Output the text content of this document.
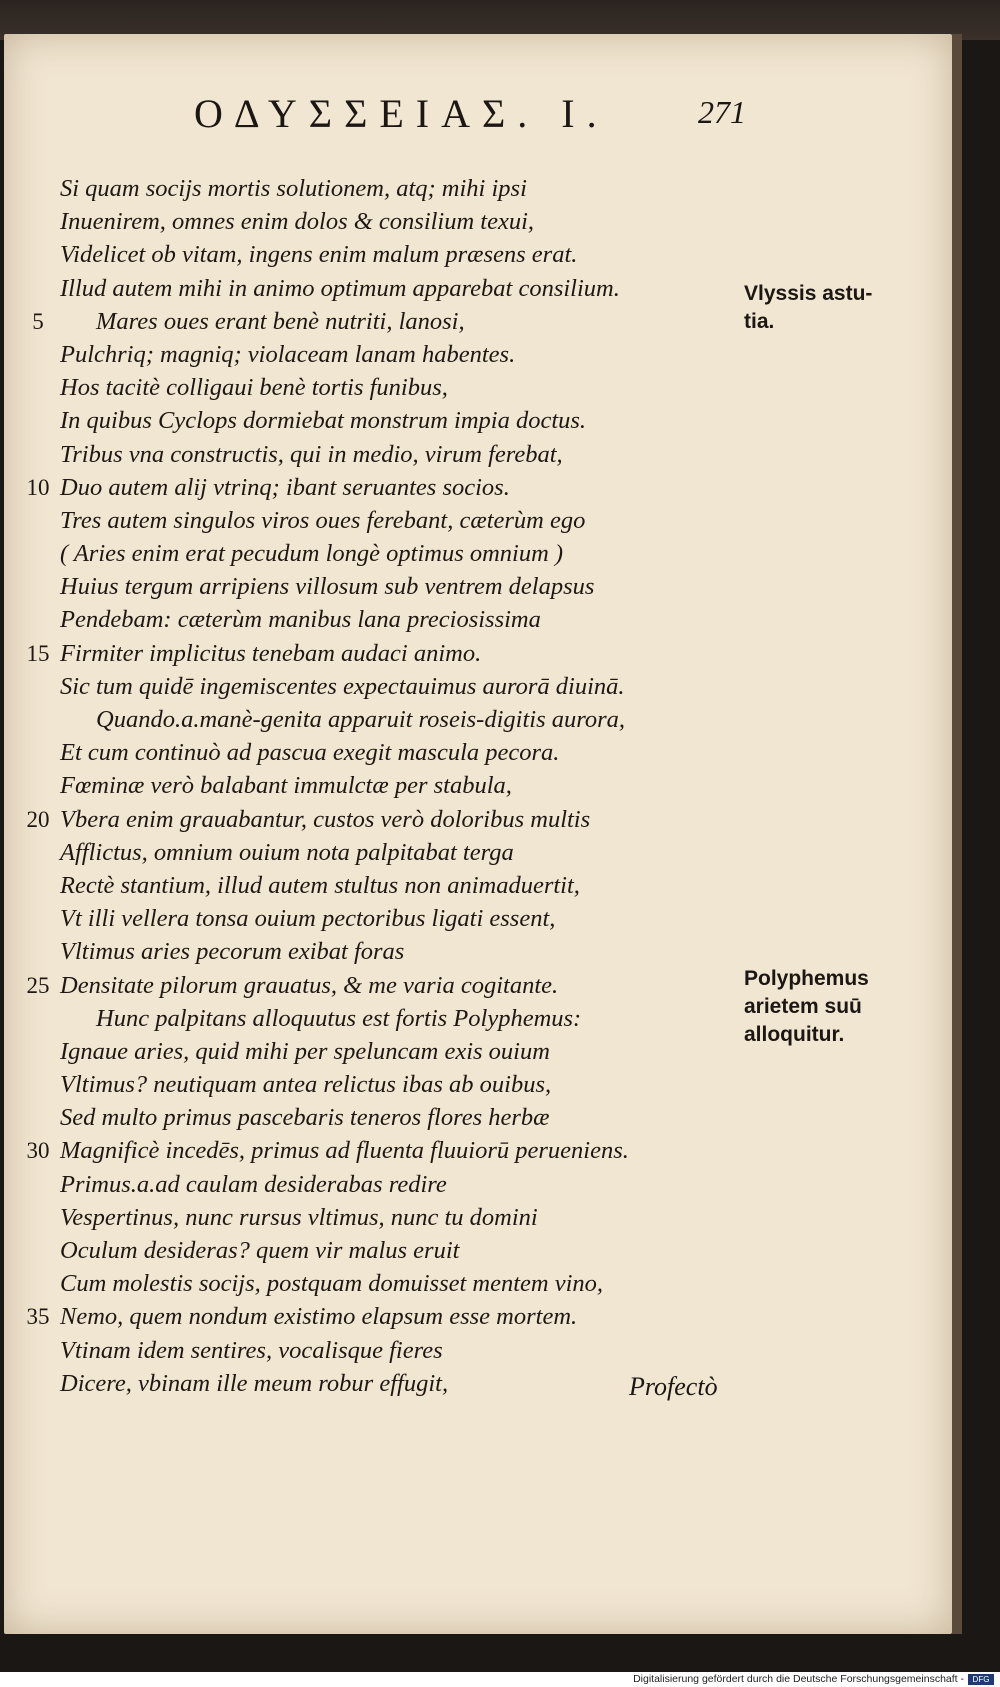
ΟΔΥΣΣΕΙΑΣ. Ι.	271
Si quam socijs mortis solutionem, atq; mihi ipsi
Inuenirem, omnes enim dolos & consilium texui,
Videlicet ob vitam, ingens enim malum præsens erat.
Illud autem mihi in animo optimum apparebat consilium.
5	Mares oues erant benè nutriti, lanosi,
Pulchriq; magniq; violaceam lanam habentes.
Hos tacitè colligaui benè tortis funibus,
In quibus Cyclops dormiebat monstrum impia doctus.
Tribus vna constructis, qui in medio, virum ferebat,
10 Duo autem alij vtrinq; ibant seruantes socios.
Tres autem singulos viros oues ferebant, cæterùm ego
( Aries enim erat pecudum longè optimus omnium )
Huius tergum arripiens villosum sub ventrem delapsus
Pendebam: cæterùm manibus lana preciosissima
15 Firmiter implicitus tenebam audaci animo.
Sic tum quidē ingemiscentes expectauimus aurorā diuinā.
Quando.a.manè-genita apparuit roseis-digitis aurora,
Et cum continuò ad pascua exegit mascula pecora.
Fœminæ verò balabant immulctæ per stabula,
20 Vbera enim grauabantur, custos verò doloribus multis
Afflictus, omnium ouium nota palpitabat terga
Rectè stantium, illud autem stultus non animaduertit,
Vt illi vellera tonsa ouium pectoribus ligati essent,
Vltimus aries pecorum exibat foras
25 Densitate pilorum grauatus, & me varia cogitante.
Hunc palpitans alloquutus est fortis Polyphemus:
Ignaue aries, quid mihi per speluncam exis ouium
Vltimus? neutiquam antea relictus ibas ab ouibus,
Sed multo primus pascebaris teneros flores herbæ
30 Magnificè incedēs, primus ad fluenta fluuiorū perueniens.
Primus.a.ad caulam desiderabas redire
Vespertinus, nunc rursus vltimus, nunc tu domini
Oculum desideras? quem vir malus eruit
Cum molestis socijs, postquam domuisset mentem vino,
35 Nemo, quem nondum existimo elapsum esse mortem.
Vtinam idem sentires, vocalisque fieres
Dicere, vbinam ille meum robur effugit,
Vlyssis astu-
tia.
Polyphemus
arietem suū
alloquitur.
Profectò
Digitalisierung gefördert durch die Deutsche Forschungsgemeinschaft -	DFG
